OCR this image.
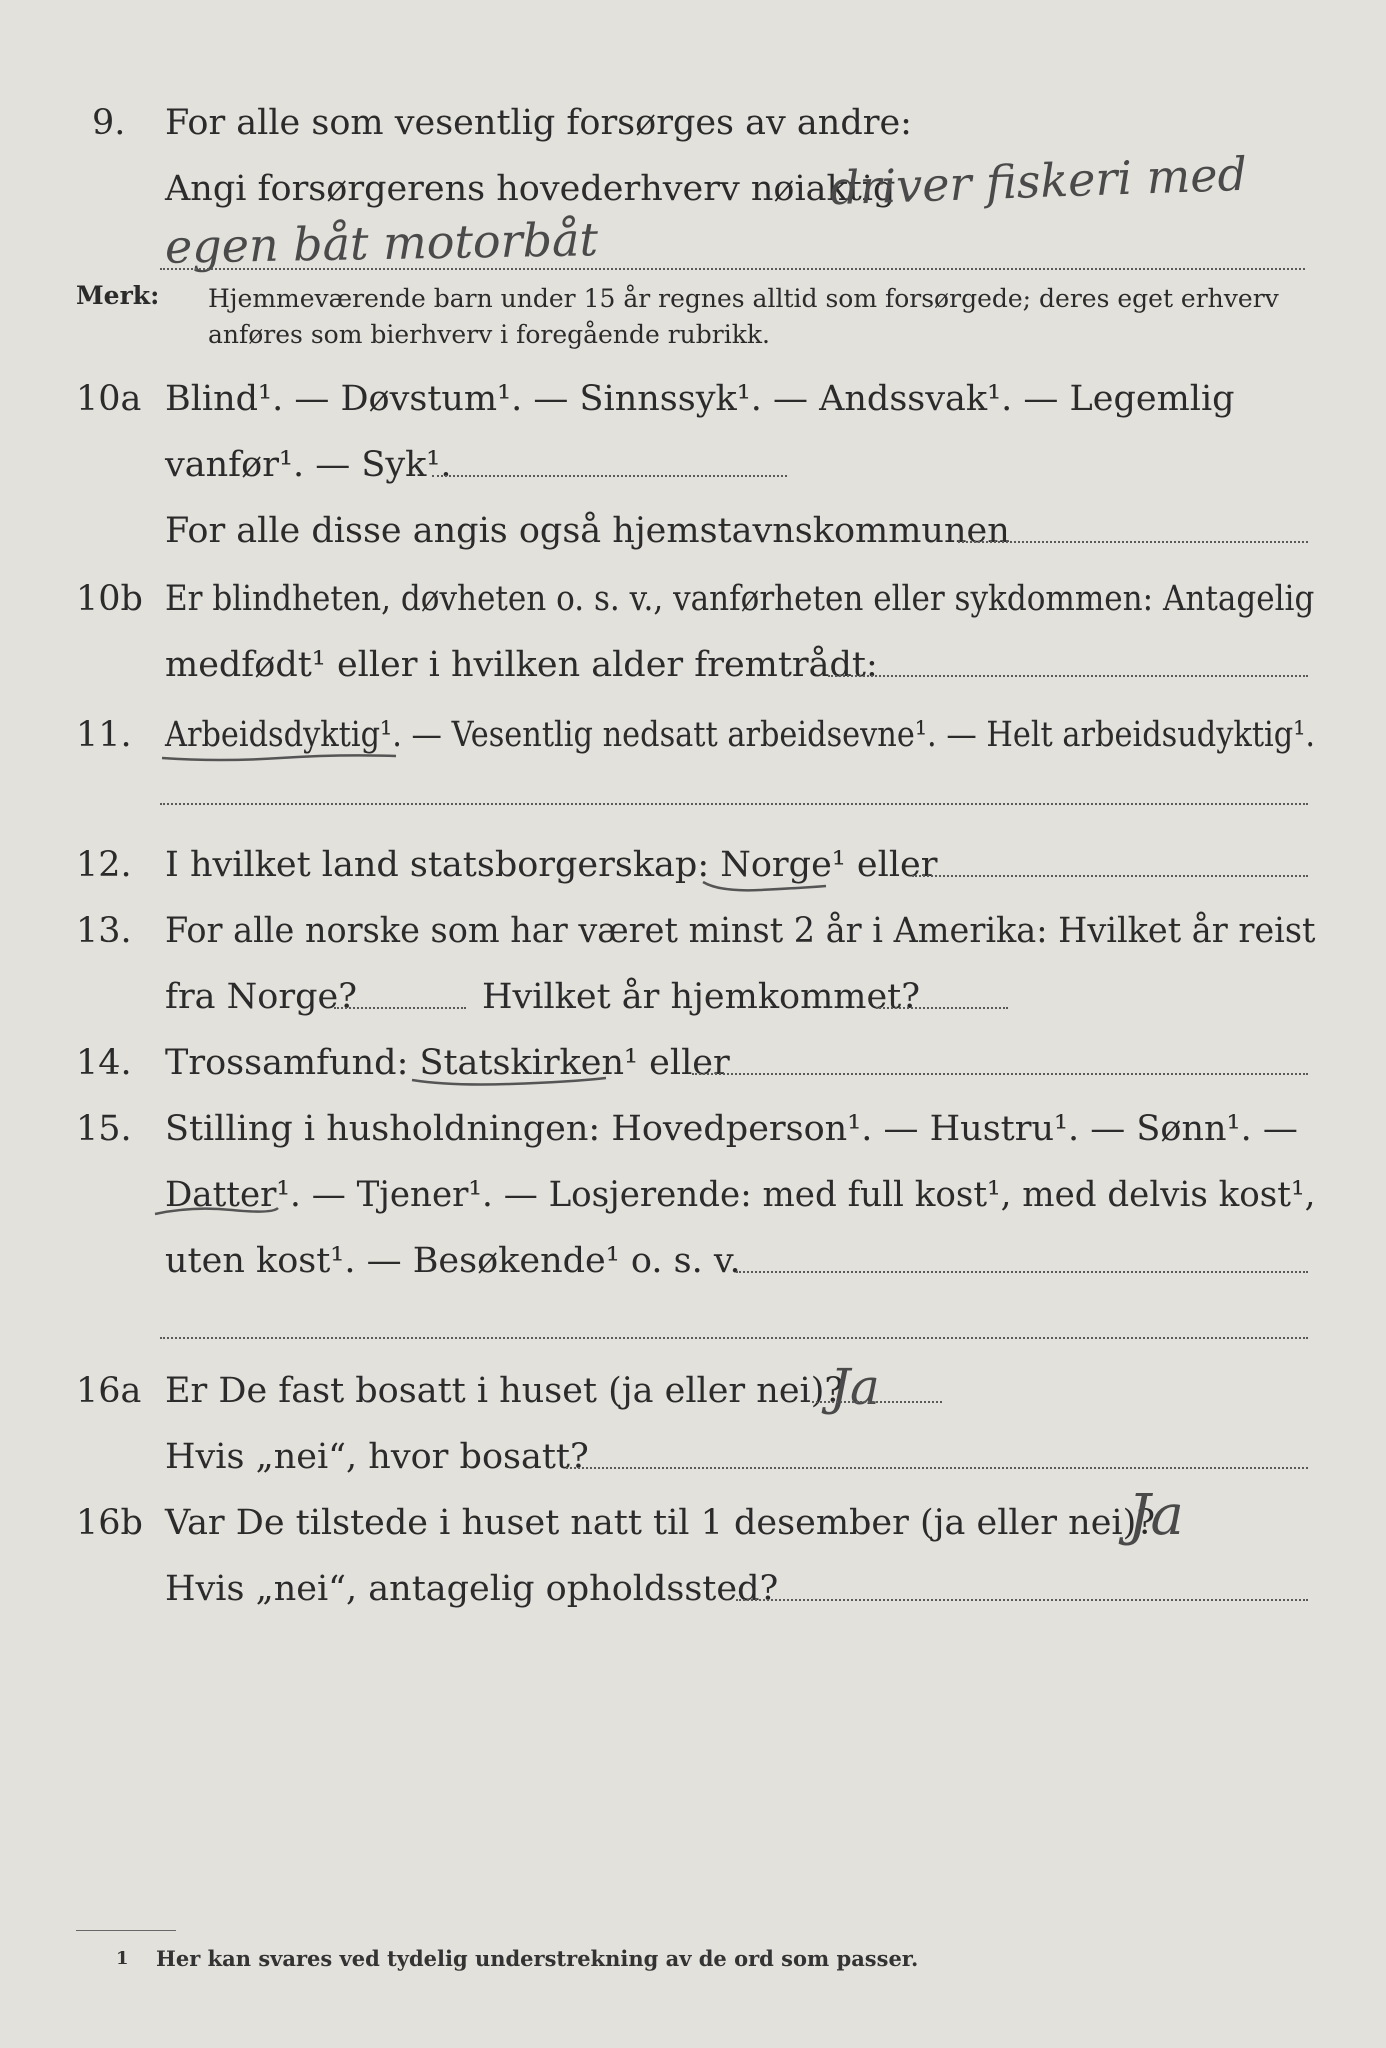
9. For alle som vesentlig forsørges av andre:
Angi forsørgerens hovederhverv nøiaktig
driver fiskeri med
egen båt motorbåt
Merk: Hjemmeværende barn under 15 år regnes alltid som forsørgede; deres eget erhverv
anføres som bierhverv i foregående rubrikk.
10a Blind¹. — Døvstum¹. — Sinnssyk¹. — Andssvak¹. — Legemlig
vanfør¹. — Syk¹.
For alle disse angis også hjemstavnskommunen
10b Er blindheten, døvheten o. s. v., vanførheten eller sykdommen: Antagelig
medfødt¹ eller i hvilken alder fremtrådt:
11. Arbeidsdyktig¹. — Vesentlig nedsatt arbeidsevne¹. — Helt arbeidsudyktig¹.
12. I hvilket land statsborgerskap: Norge¹ eller
13. For alle norske som har været minst 2 år i Amerika: Hvilket år reist
fra Norge?	Hvilket år hjemkommet?
14. Trossamfund: Statskirken¹ eller
15. Stilling i husholdningen: Hovedperson¹. — Hustru¹. — Sønn¹. —
Datter¹. — Tjener¹. — Losjerende: med full kost¹, med delvis kost¹,
uten kost¹. — Besøkende¹ o. s. v.
16a Er De fast bosatt i huset (ja eller nei)?
Ja
Hvis „nei“, hvor bosatt?
16b Var De tilstede i huset natt til 1 desember (ja eller nei)?
Ja
Hvis „nei“, antagelig opholdssted?
1 Her kan svares ved tydelig understrekning av de ord som passer.
